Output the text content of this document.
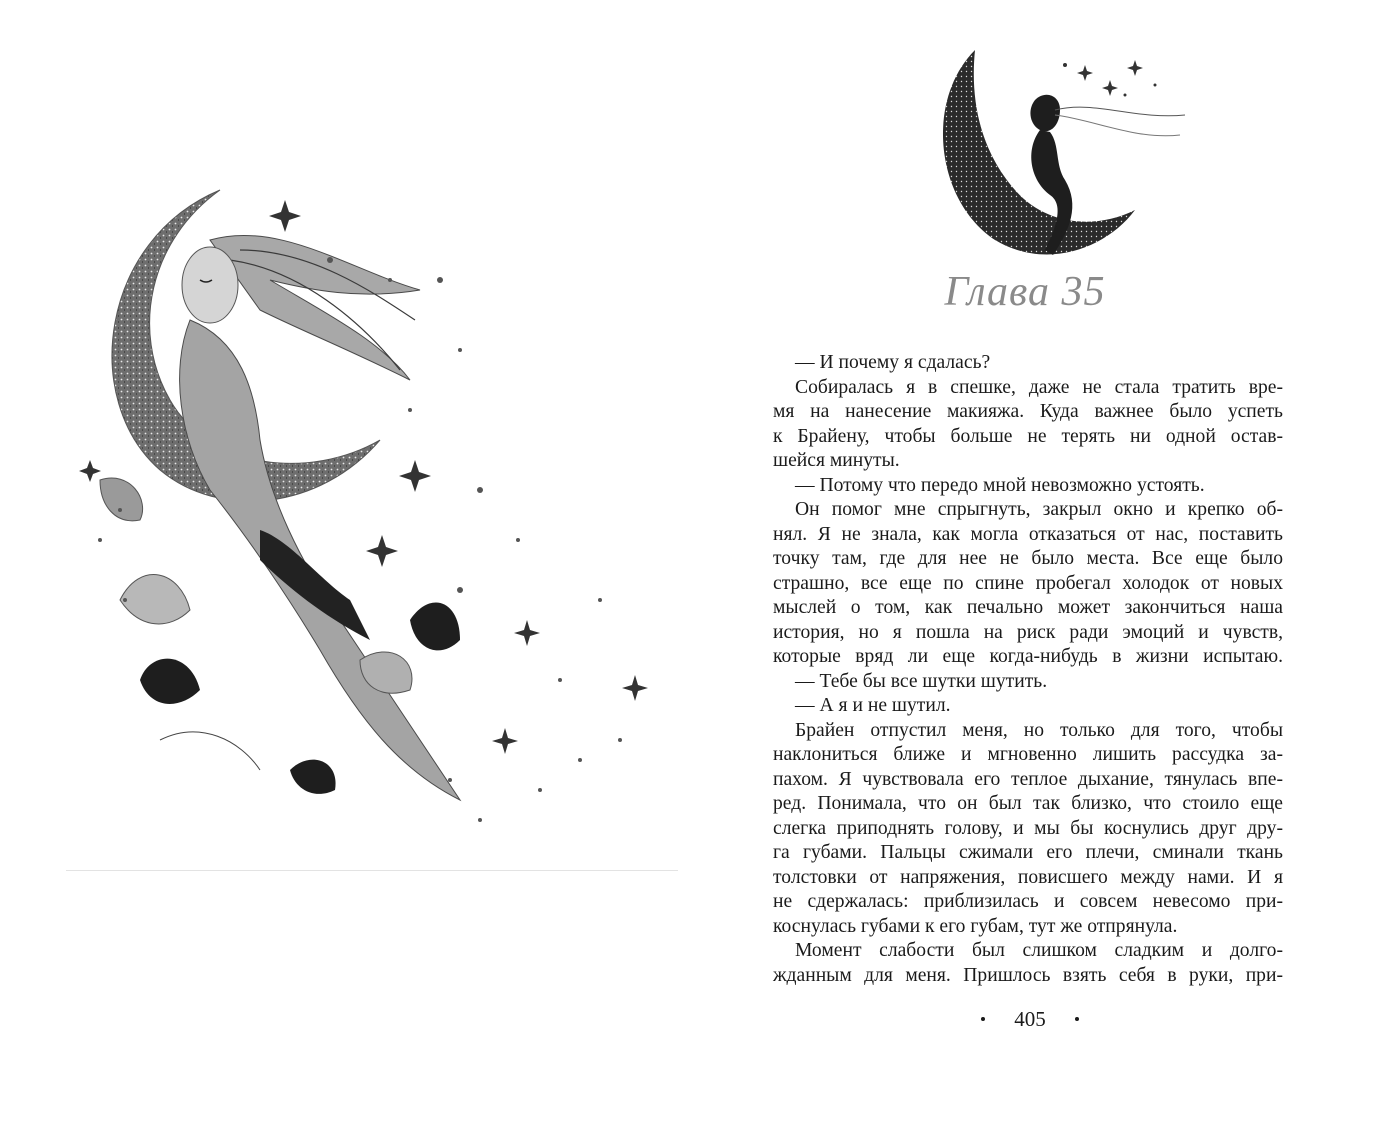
Глава 35
— И почему я сдалась?
Собиралась я в спешке, даже не стала тратить вре-
мя на нанесение макияжа. Куда важнее было успеть
к Брайену, чтобы больше не терять ни одной остав-
шейся минуты.
— Потому что передо мной невозможно устоять.
Он помог мне спрыгнуть, закрыл окно и крепко об-
нял. Я не знала, как могла отказаться от нас, поставить
точку там, где для нее не было места. Все еще было
страшно, все еще по спине пробегал холодок от новых
мыслей о том, как печально может закончиться наша
история, но я пошла на риск ради эмоций и чувств,
которые вряд ли еще когда-нибудь в жизни испытаю.
— Тебе бы все шутки шутить.
— А я и не шутил.
Брайен отпустил меня, но только для того, чтобы
наклониться ближе и мгновенно лишить рассудка за-
пахом. Я чувствовала его теплое дыхание, тянулась впе-
ред. Понимала, что он был так близко, что стоило еще
слегка приподнять голову, и мы бы коснулись друг дру-
га губами. Пальцы сжимали его плечи, сминали ткань
толстовки от напряжения, повисшего между нами. И я
не сдержалась: приблизилась и совсем невесомо при-
коснулась губами к его губам, тут же отпрянула.
Момент слабости был слишком сладким и долго-
жданным для меня. Пришлось взять себя в руки, при-
405
